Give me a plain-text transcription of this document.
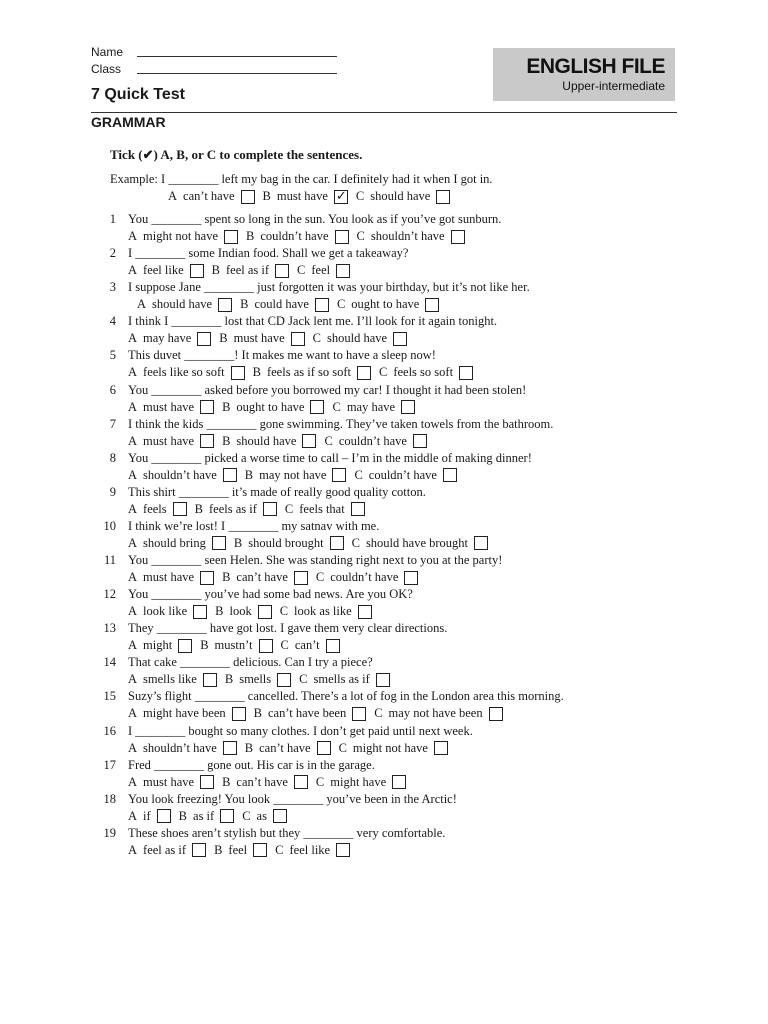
Name
Class	ENGLISH FILE
Upper-intermediate
7 Quick Test
GRAMMAR
Tick (✔) A, B, or C to complete the sentences.
Example: I ________ left my bag in the car. I definitely had it when I got in.
A can’t have B must have
✓ C should have
1 You ________ spent so long in the sun. You look as if you’ve got sunburn.
A might not have B couldn’t have C shouldn’t have
2 I ________ some Indian food. Shall we get a takeaway?
A feel like B feel as if C feel
3 I suppose Jane ________ just forgotten it was your birthday, but it’s not like her.
A should have B could have C ought to have
4 I think I ________ lost that CD Jack lent me. I’ll look for it again tonight.
A may have B must have C should have
5 This duvet ________! It makes me want to have a sleep now!
A feels like so soft B feels as if so soft C feels so soft
6 You ________ asked before you borrowed my car! I thought it had been stolen!
A must have B ought to have C may have
7 I think the kids ________ gone swimming. They’ve taken towels from the bathroom.
A must have B should have C couldn’t have
8 You ________ picked a worse time to call – I’m in the middle of making dinner!
A shouldn’t have B may not have C couldn’t have
9 This shirt ________ it’s made of really good quality cotton.
A feels B feels as if C feels that
10 I think we’re lost! I ________ my satnav with me.
A should bring B should brought C should have brought
11 You ________ seen Helen. She was standing right next to you at the party!
A must have B can’t have C couldn’t have
12 You ________ you’ve had some bad news. Are you OK?
A look like B look C look as like
13 They ________ have got lost. I gave them very clear directions.
A might B mustn’t C can’t
14 That cake ________ delicious. Can I try a piece?
A smells like B smells C smells as if
15 Suzy’s flight ________ cancelled. There’s a lot of fog in the London area this morning.
A might have been B can’t have been C may not have been
16 I ________ bought so many clothes. I don’t get paid until next week.
A shouldn’t have B can’t have C might not have
17 Fred ________ gone out. His car is in the garage.
A must have B can’t have C might have
18 You look freezing! You look ________ you’ve been in the Arctic!
A if B as if C as
19 These shoes aren’t stylish but they ________ very comfortable.
A feel as if B feel C feel like
